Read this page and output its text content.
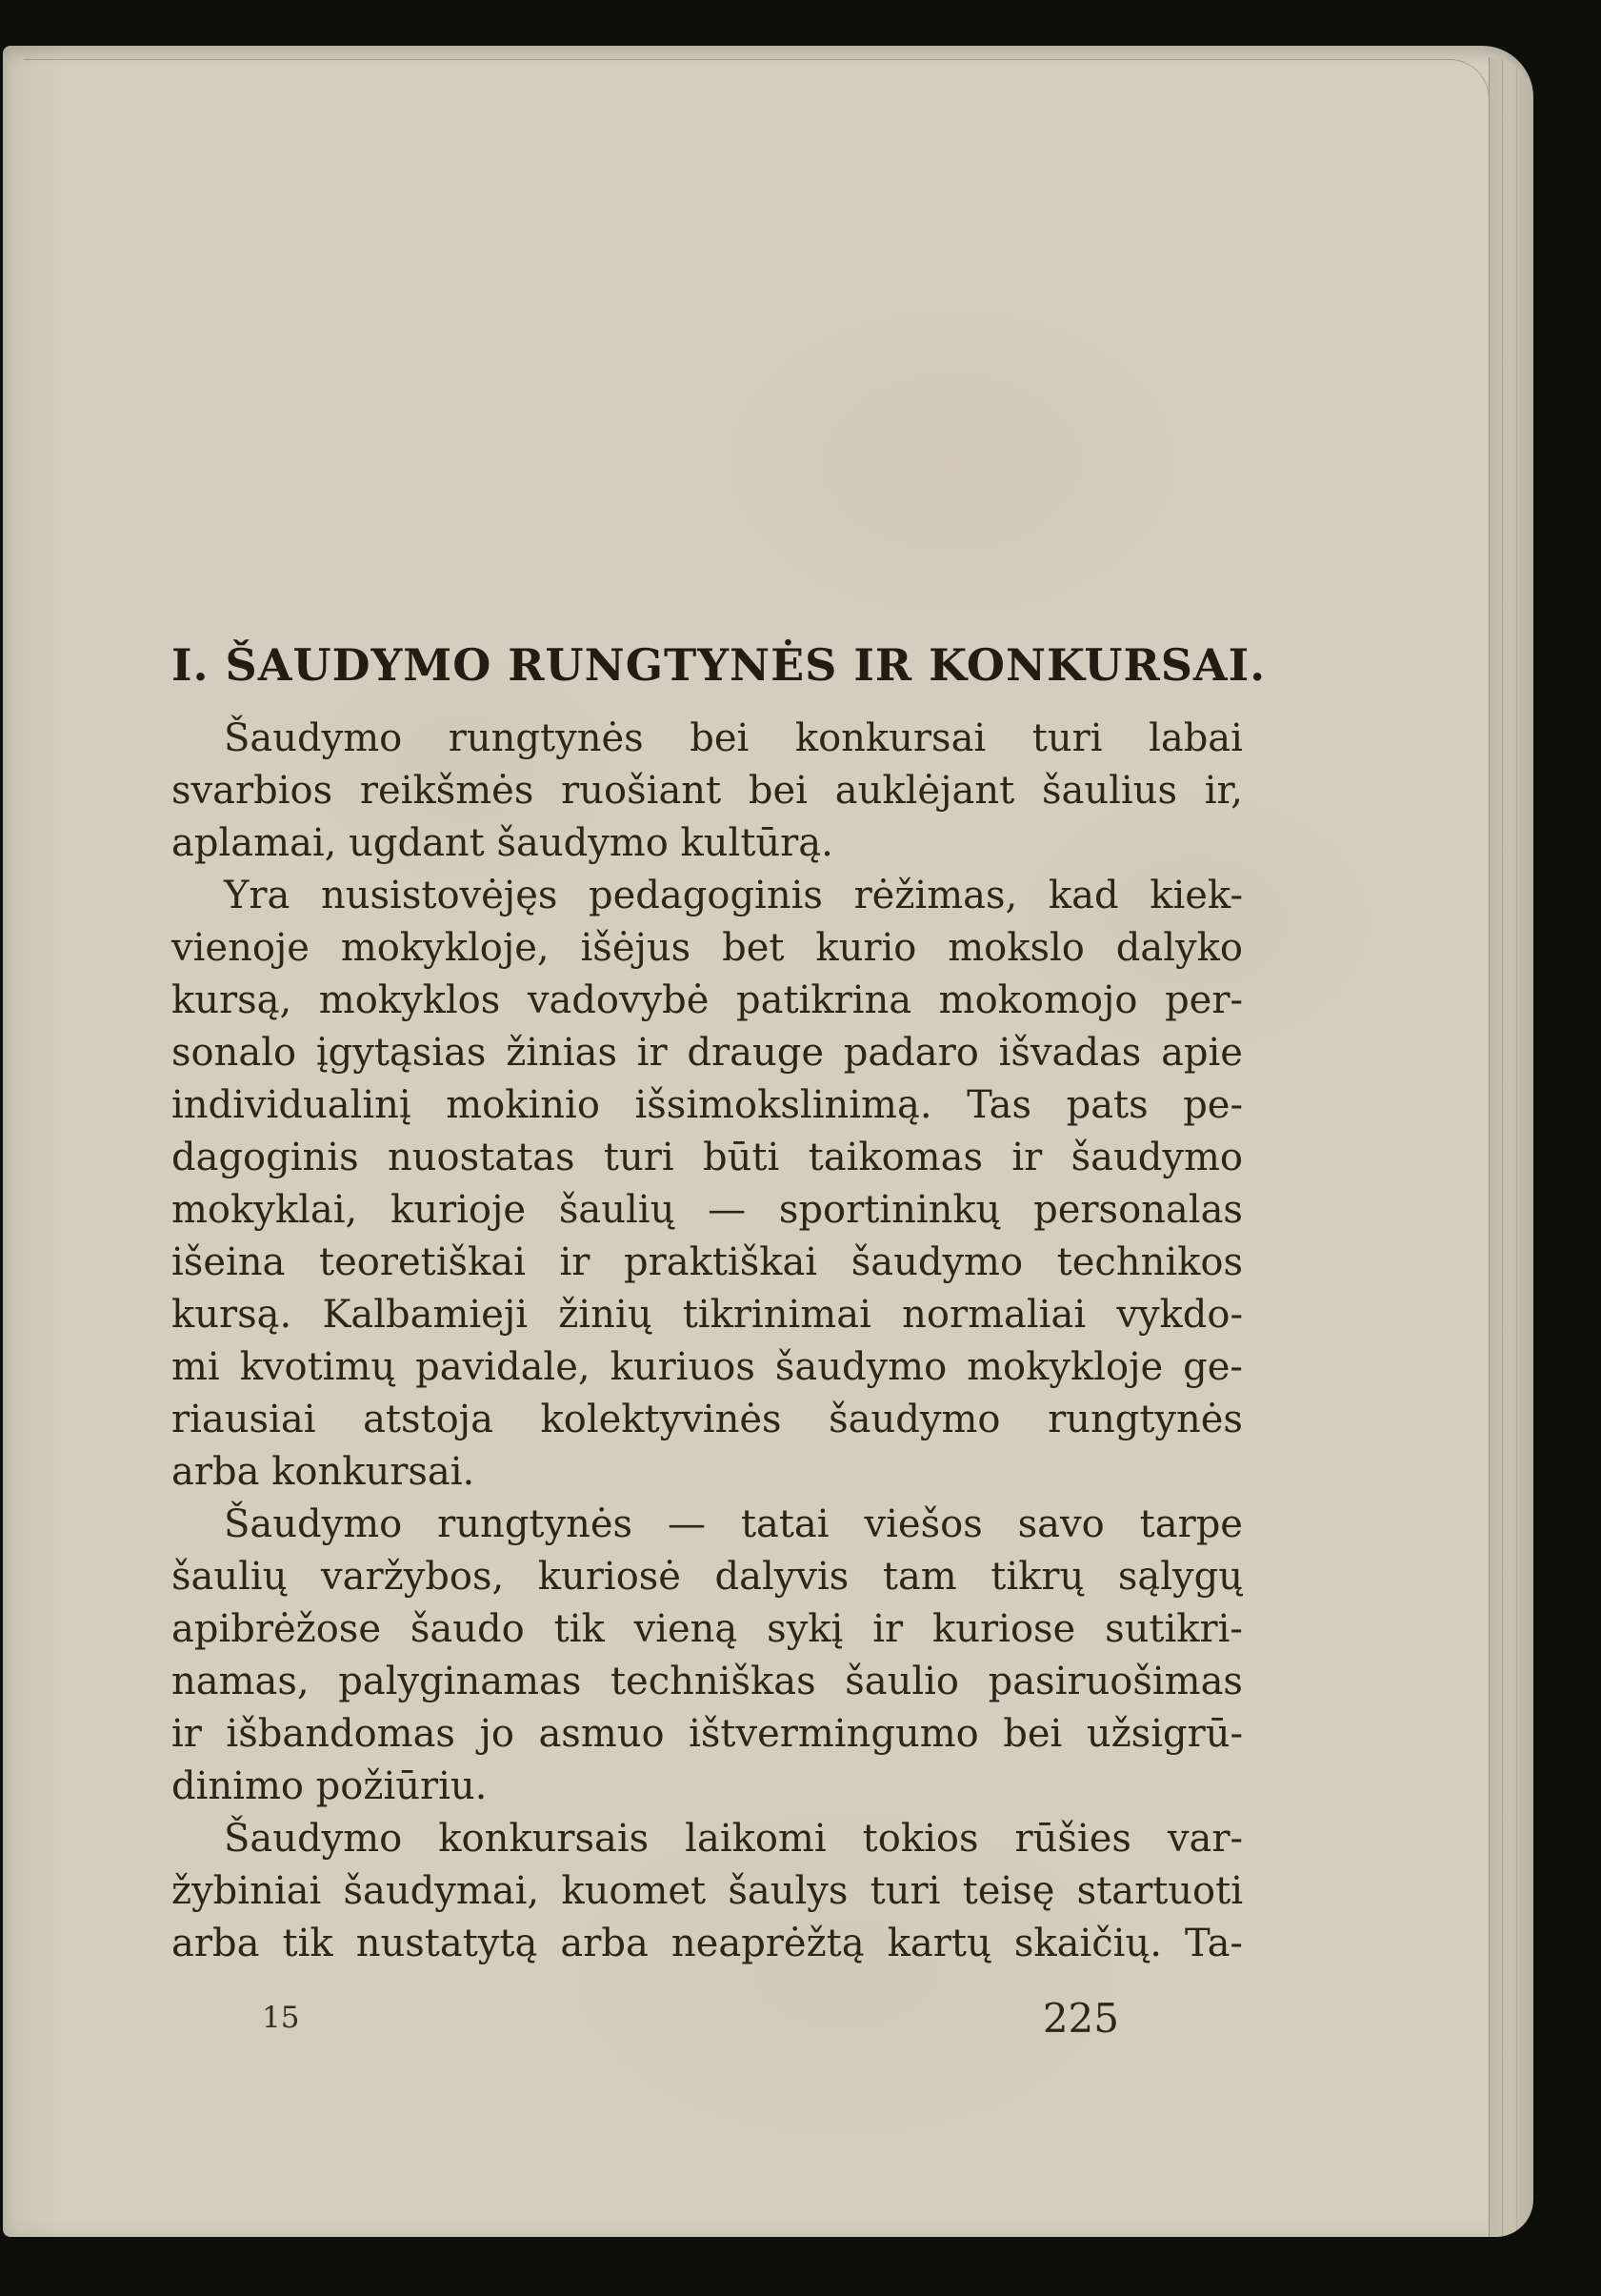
I. ŠAUDYMO RUNGTYNĖS IR KONKURSAI.
Šaudymo rungtynės bei konkursai turi labai
svarbios reikšmės ruošiant bei auklėjant šaulius ir,
aplamai, ugdant šaudymo kultūrą.
Yra nusistovėjęs pedagoginis rėžimas, kad kiek-
vienoje mokykloje, išėjus bet kurio mokslo dalyko
kursą, mokyklos vadovybė patikrina mokomojo per-
sonalo įgytąsias žinias ir drauge padaro išvadas apie
individualinį mokinio išsimokslinimą. Tas pats pe-
dagoginis nuostatas turi būti taikomas ir šaudymo
mokyklai, kurioje šaulių — sportininkų personalas
išeina teoretiškai ir praktiškai šaudymo technikos
kursą. Kalbamieji žinių tikrinimai normaliai vykdo-
mi kvotimų pavidale, kuriuos šaudymo mokykloje ge-
riausiai atstoja kolektyvinės šaudymo rungtynės
arba konkursai.
Šaudymo rungtynės — tatai viešos savo tarpe
šaulių varžybos, kuriosė dalyvis tam tikrų sąlygų
apibrėžose šaudo tik vieną sykį ir kuriose sutikri-
namas, palyginamas techniškas šaulio pasiruošimas
ir išbandomas jo asmuo ištvermingumo bei užsigrū-
dinimo požiūriu.
Šaudymo konkursais laikomi tokios rūšies var-
žybiniai šaudymai, kuomet šaulys turi teisę startuoti
arba tik nustatytą arba neaprėžtą kartų skaičių. Ta-
15	225
